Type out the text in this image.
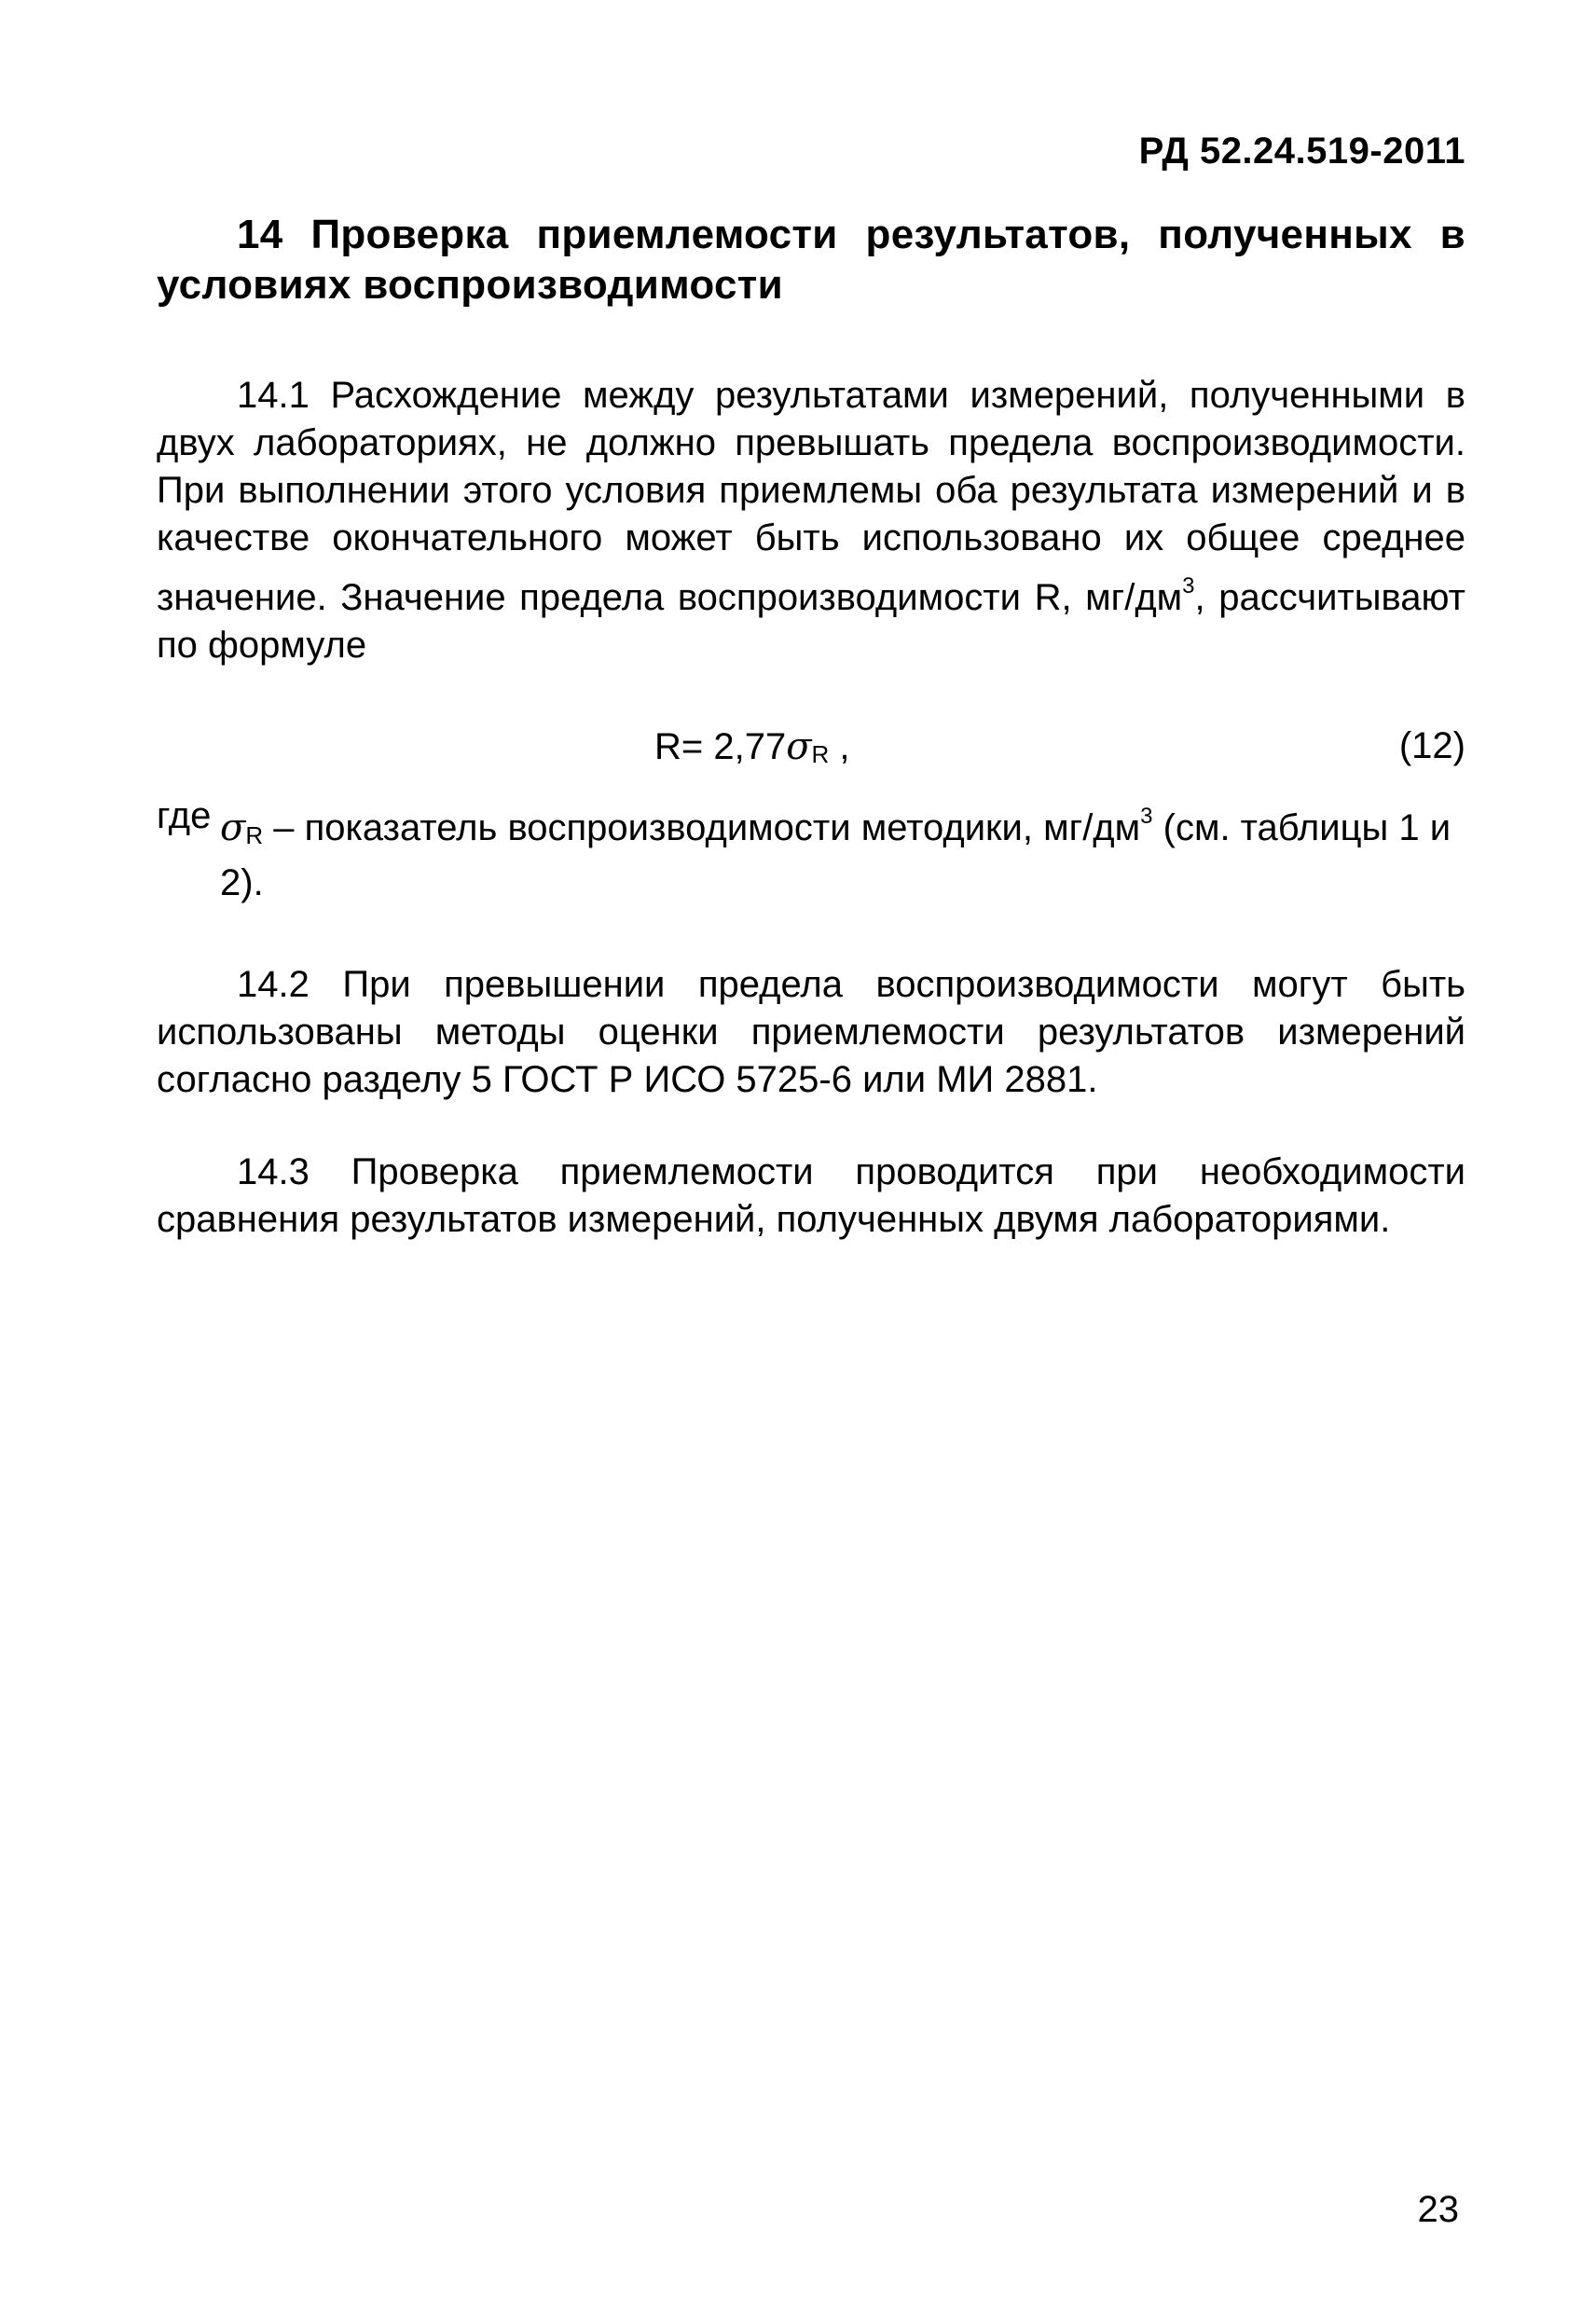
РД 52.24.519-2011

14 Проверка приемлемости результатов, полученных в условиях воспроизводимости

14.1 Расхождение между результатами измерений, полученными в двух лабораториях, не должно превышать предела воспроизводимости. При выполнении этого условия приемлемы оба результата измерений и в качестве окончательного может быть использовано их общее среднее значение. Значение предела воспроизводимости R, $мг/дм^3$, рассчитывают по формуле

R= 2,77σR ,	(12)
где σR – показатель воспроизводимости методики, $мг/дм^3$ (см. таблицы 1 и 2).

14.2 При превышении предела воспроизводимости могут быть использованы методы оценки приемлемости результатов измерений согласно разделу 5 ГОСТ Р ИСО 5725-6 или МИ 2881.

14.3 Проверка приемлемости проводится при необходимости сравнения результатов измерений, полученных двумя лабораториями.

23
